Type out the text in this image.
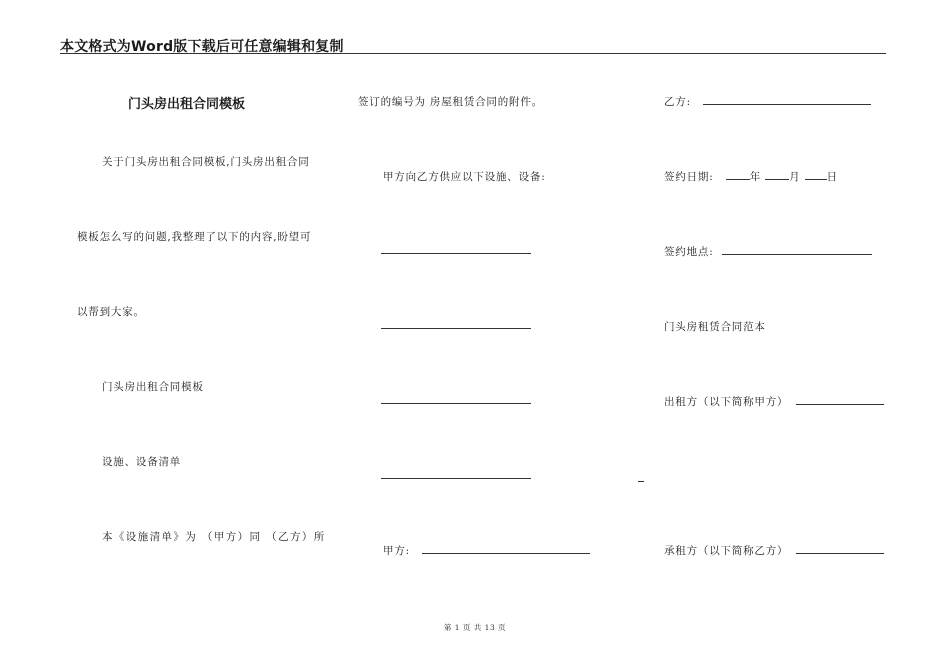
本文格式为Word版下载后可任意编辑和复制
门头房出租合同模板
关于门头房出租合同模板,门头房出租合同
模板怎么写的问题,我整理了以下的内容,盼望可
以帮到大家。
门头房出租合同模板
设施、设备清单
本《设施清单》为 （甲方）同 （乙方）所
签订的编号为 房屋租赁合同的附件。
甲方向乙方供应以下设施、设备:
甲方:
乙方:
签约日期:	年	月 日
签约地点:
门头房租赁合同范本
出租方（以下简称甲方）
承租方（以下简称乙方）
第 1 页 共 13 页
